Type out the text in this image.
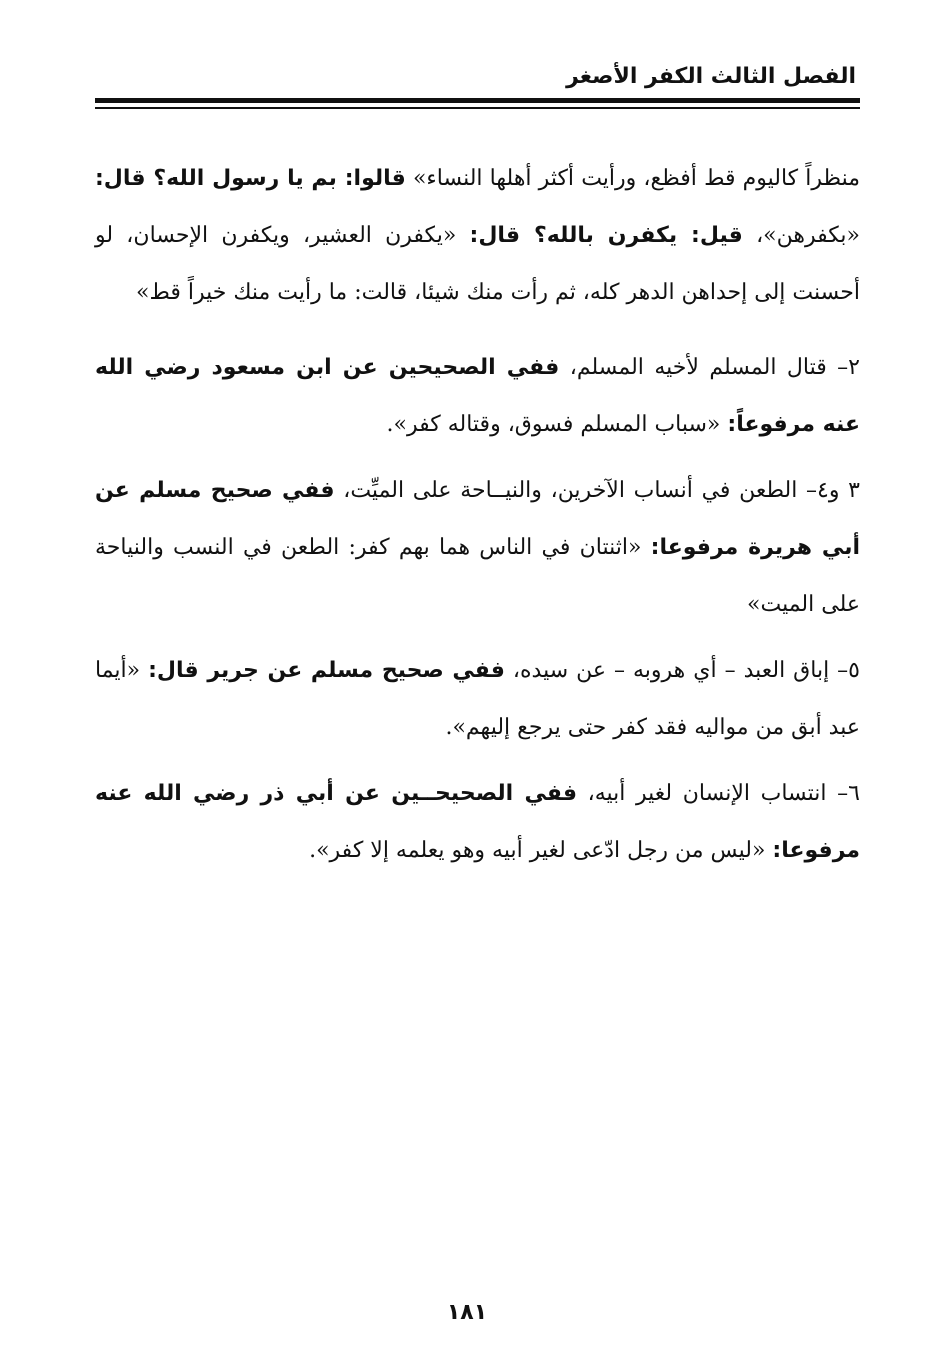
الفصل الثالث الكفر الأصغر

منظراً كاليوم قط أفظع، ورأيت أكثر أهلها النساء» قالوا: بم يا رسول الله؟ قال: «بكفرهن»، قيل: يكفرن بالله؟ قال: «يكفرن العشير، ويكفرن الإحسان، لو أحسنت إلى إحداهن الدهر كله، ثم رأت منك شيئا، قالت: ما رأيت منك خيراً قط»

٢– قتال المسلم لأخيه المسلم، ففي الصحيحين عن ابن مسعود رضي الله عنه مرفوعاً: «سباب المسلم فسوق، وقتاله كفر».

٣ و٤– الطعن في أنساب الآخرين، والنيــاحة على الميِّت، ففي صحيح مسلم عن أبي هريرة مرفوعا: «اثنتان في الناس هما بهم كفر: الطعن في النسب والنياحة على الميت»

٥– إباق العبد – أي هروبه – عن سيده، ففي صحيح مسلم عن جرير قال: «أيما عبد أبق من مواليه فقد كفر حتى يرجع إليهم».

٦– انتساب الإنسان لغير أبيه، ففي الصحيحــين عن أبي ذر رضي الله عنه مرفوعا: «ليس من رجل ادّعى لغير أبيه وهو يعلمه إلا كفر».

١٨١
